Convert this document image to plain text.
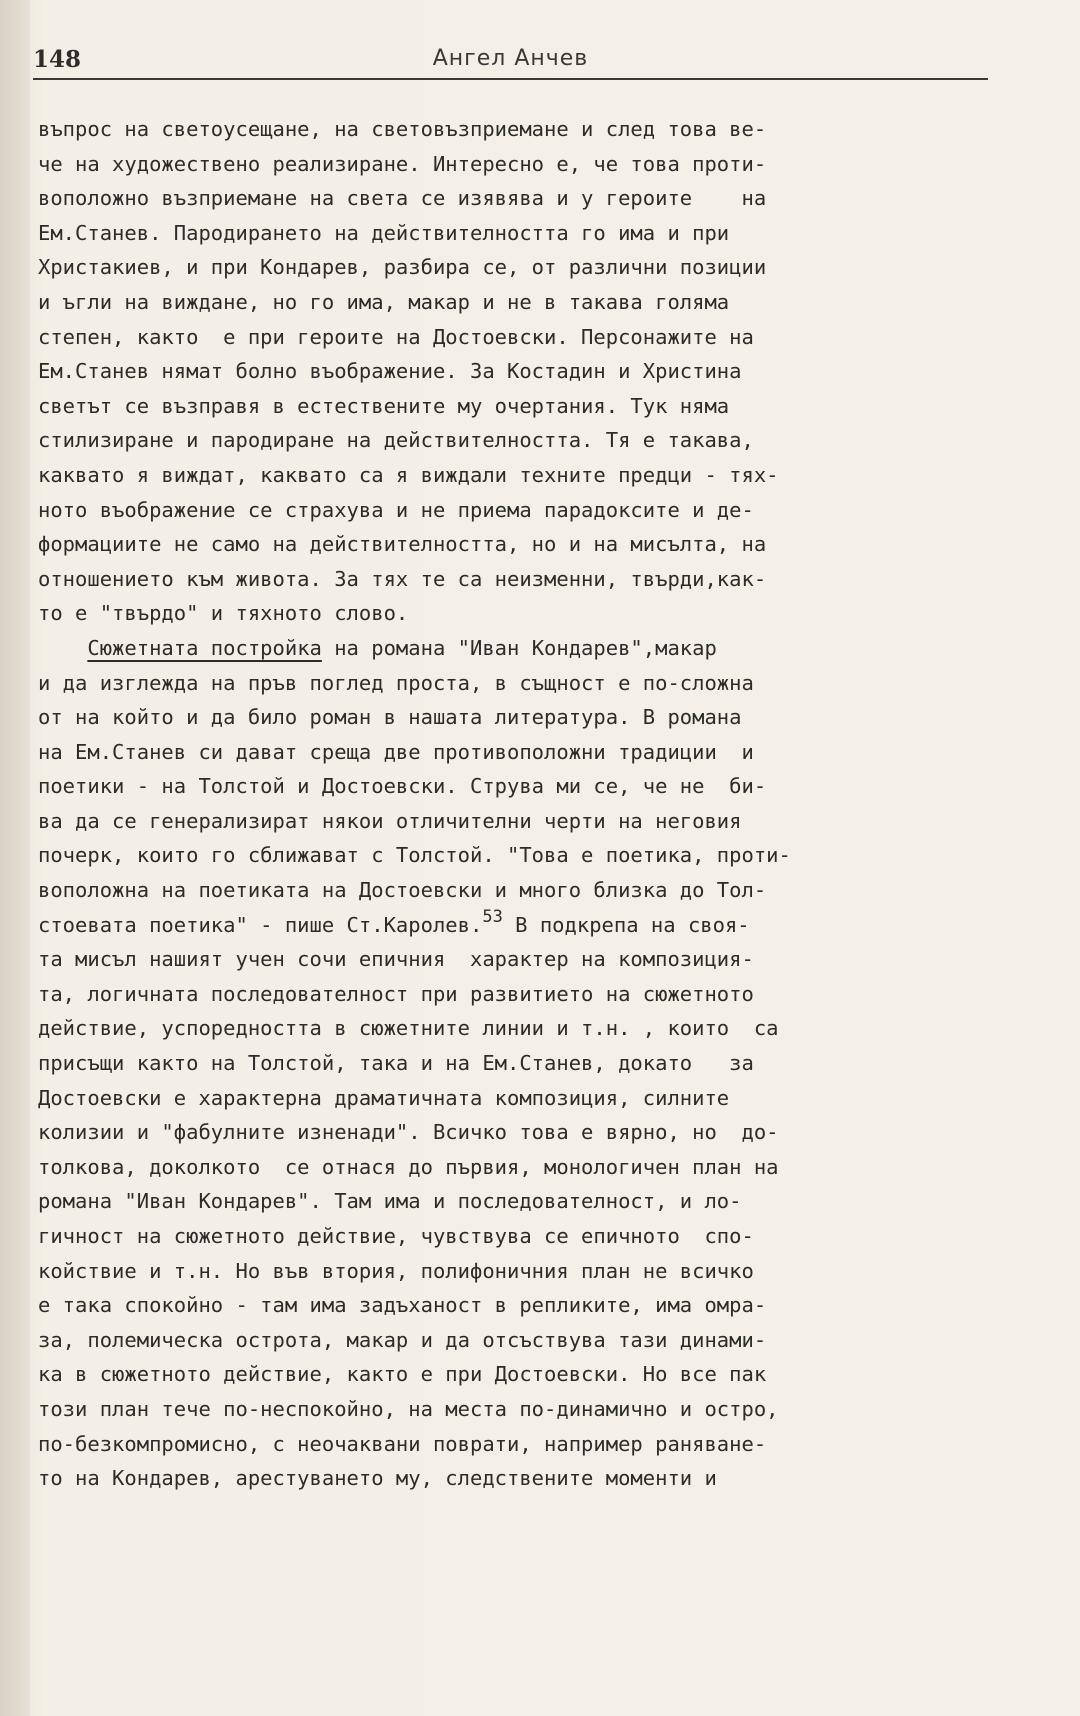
148	Ангел Анчев
въпрос на светоусещане, на световъзприемане и след това ве-
че на художествено реализиране. Интересно е, че това проти-
воположно възприемане на света се изявява и у героите    на
Ем.Станев. Пародирането на действителността го има и при
Христакиев, и при Кондарев, разбира се, от различни позиции
и ъгли на виждане, но го има, макар и не в такава голяма
степен, както  е при героите на Достоевски. Персонажите на
Ем.Станев нямат болно въображение. За Костадин и Христина
светът се възправя в естествените му очертания. Тук няма
стилизиране и пародиране на действителността. Тя е такава,
каквато я виждат, каквато са я виждали техните предци - тях-
ното въображение се страхува и не приема парадоксите и де-
формациите не само на действителността, но и на мисълта, на
отношението към живота. За тях те са неизменни, твърди,как-
то е "твърдо" и тяхното слово.
Сюжетната постройка на романа "Иван Кондарев",макар
и да изглежда на пръв поглед проста, в същност е по-сложна
от на който и да било роман в нашата литература. В романа
на Ем.Станев си дават среща две противоположни традиции  и
поетики - на Толстой и Достоевски. Струва ми се, че не  би-
ва да се генерализират някои отличителни черти на неговия
почерк, които го сближават с Толстой. "Това е поетика, проти-
воположна на поетиката на Достоевски и много близка до Тол-
стоевата поетика" - пише Ст.Каролев.$^{53}$ В подкрепа на своя-
та мисъл нашият учен сочи епичния  характер на композиция-
та, логичната последователност при развитието на сюжетното
действие, успоредността в сюжетните линии и т.н. , които  са
присъщи както на Толстой, така и на Ем.Станев, докато   за
Достоевски е характерна драматичната композиция, силните
колизии и "фабулните изненади". Всичко това е вярно, но  до-
толкова, доколкото  се отнася до първия, монологичен план на
романа "Иван Кондарев". Там има и последователност, и ло-
гичност на сюжетното действие, чувствува се епичното  спо-
койствие и т.н. Но във втория, полифоничния план не всичко
е така спокойно - там има задъханост в репликите, има омра-
за, полемическа острота, макар и да отсъствува тази динами-
ка в сюжетното действие, както е при Достоевски. Но все пак
този план тече по-неспокойно, на места по-динамично и остро,
по-безкомпромисно, с неочаквани поврати, например раняване-
то на Кондарев, арестуването му, следствените моменти и
